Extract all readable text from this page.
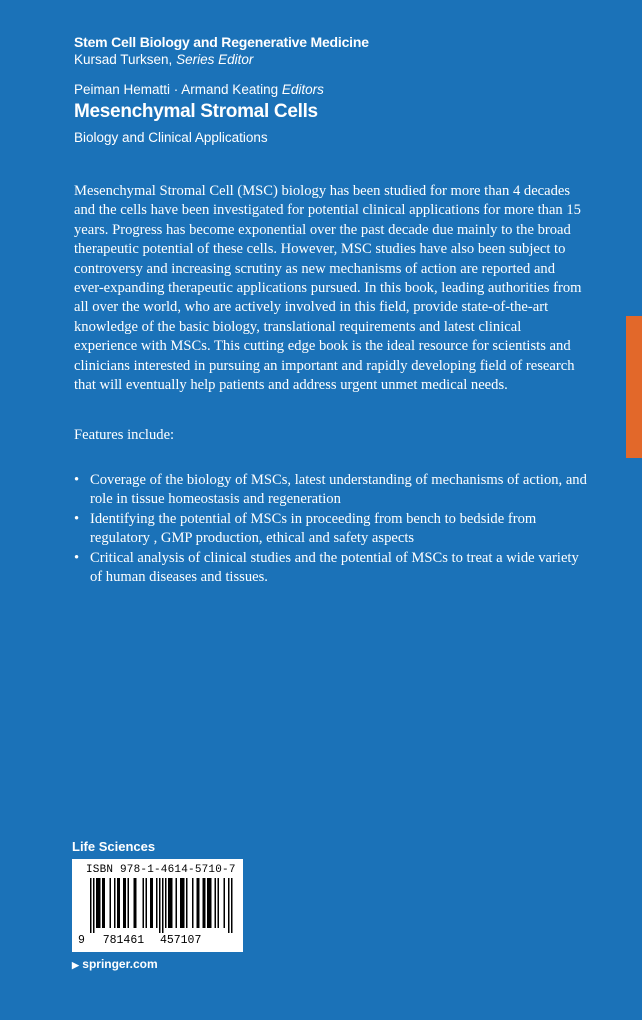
Stem Cell Biology and Regenerative Medicine
Kursad Turksen, Series Editor
Peiman Hematti · Armand Keating Editors
Mesenchymal Stromal Cells
Biology and Clinical Applications

Mesenchymal Stromal Cell (MSC) biology has been studied for more than 4 decades and the cells have been investigated for potential clinical applications for more than 15 years. Progress has become exponential over the past decade due mainly to the broad therapeutic potential of these cells. However, MSC studies have also been subject to controversy and increasing scrutiny as new mechanisms of action are reported and ever-expanding therapeutic applications pursued. In this book, leading authorities from all over the world, who are actively involved in this field, provide state-of-the-art knowledge of the basic biology, translational requirements and latest clinical experience with MSCs. This cutting edge book is the ideal resource for scientists and clinicians interested in pursuing an important and rapidly developing field of research that will eventually help patients and address urgent unmet medical needs.

Features include:

• Coverage of the biology of MSCs, latest understanding of mechanisms of action, and role in tissue homeostasis and regeneration
• Identifying the potential of MSCs in proceeding from bench to bedside from regulatory , GMP production, ethical and safety aspects
• Critical analysis of clinical studies and the potential of MSCs to treat a wide variety of human diseases and tissues.
Life Sciences
ISBN 978-1-4614-5710-7
9 781461 457107
▶ springer.com
